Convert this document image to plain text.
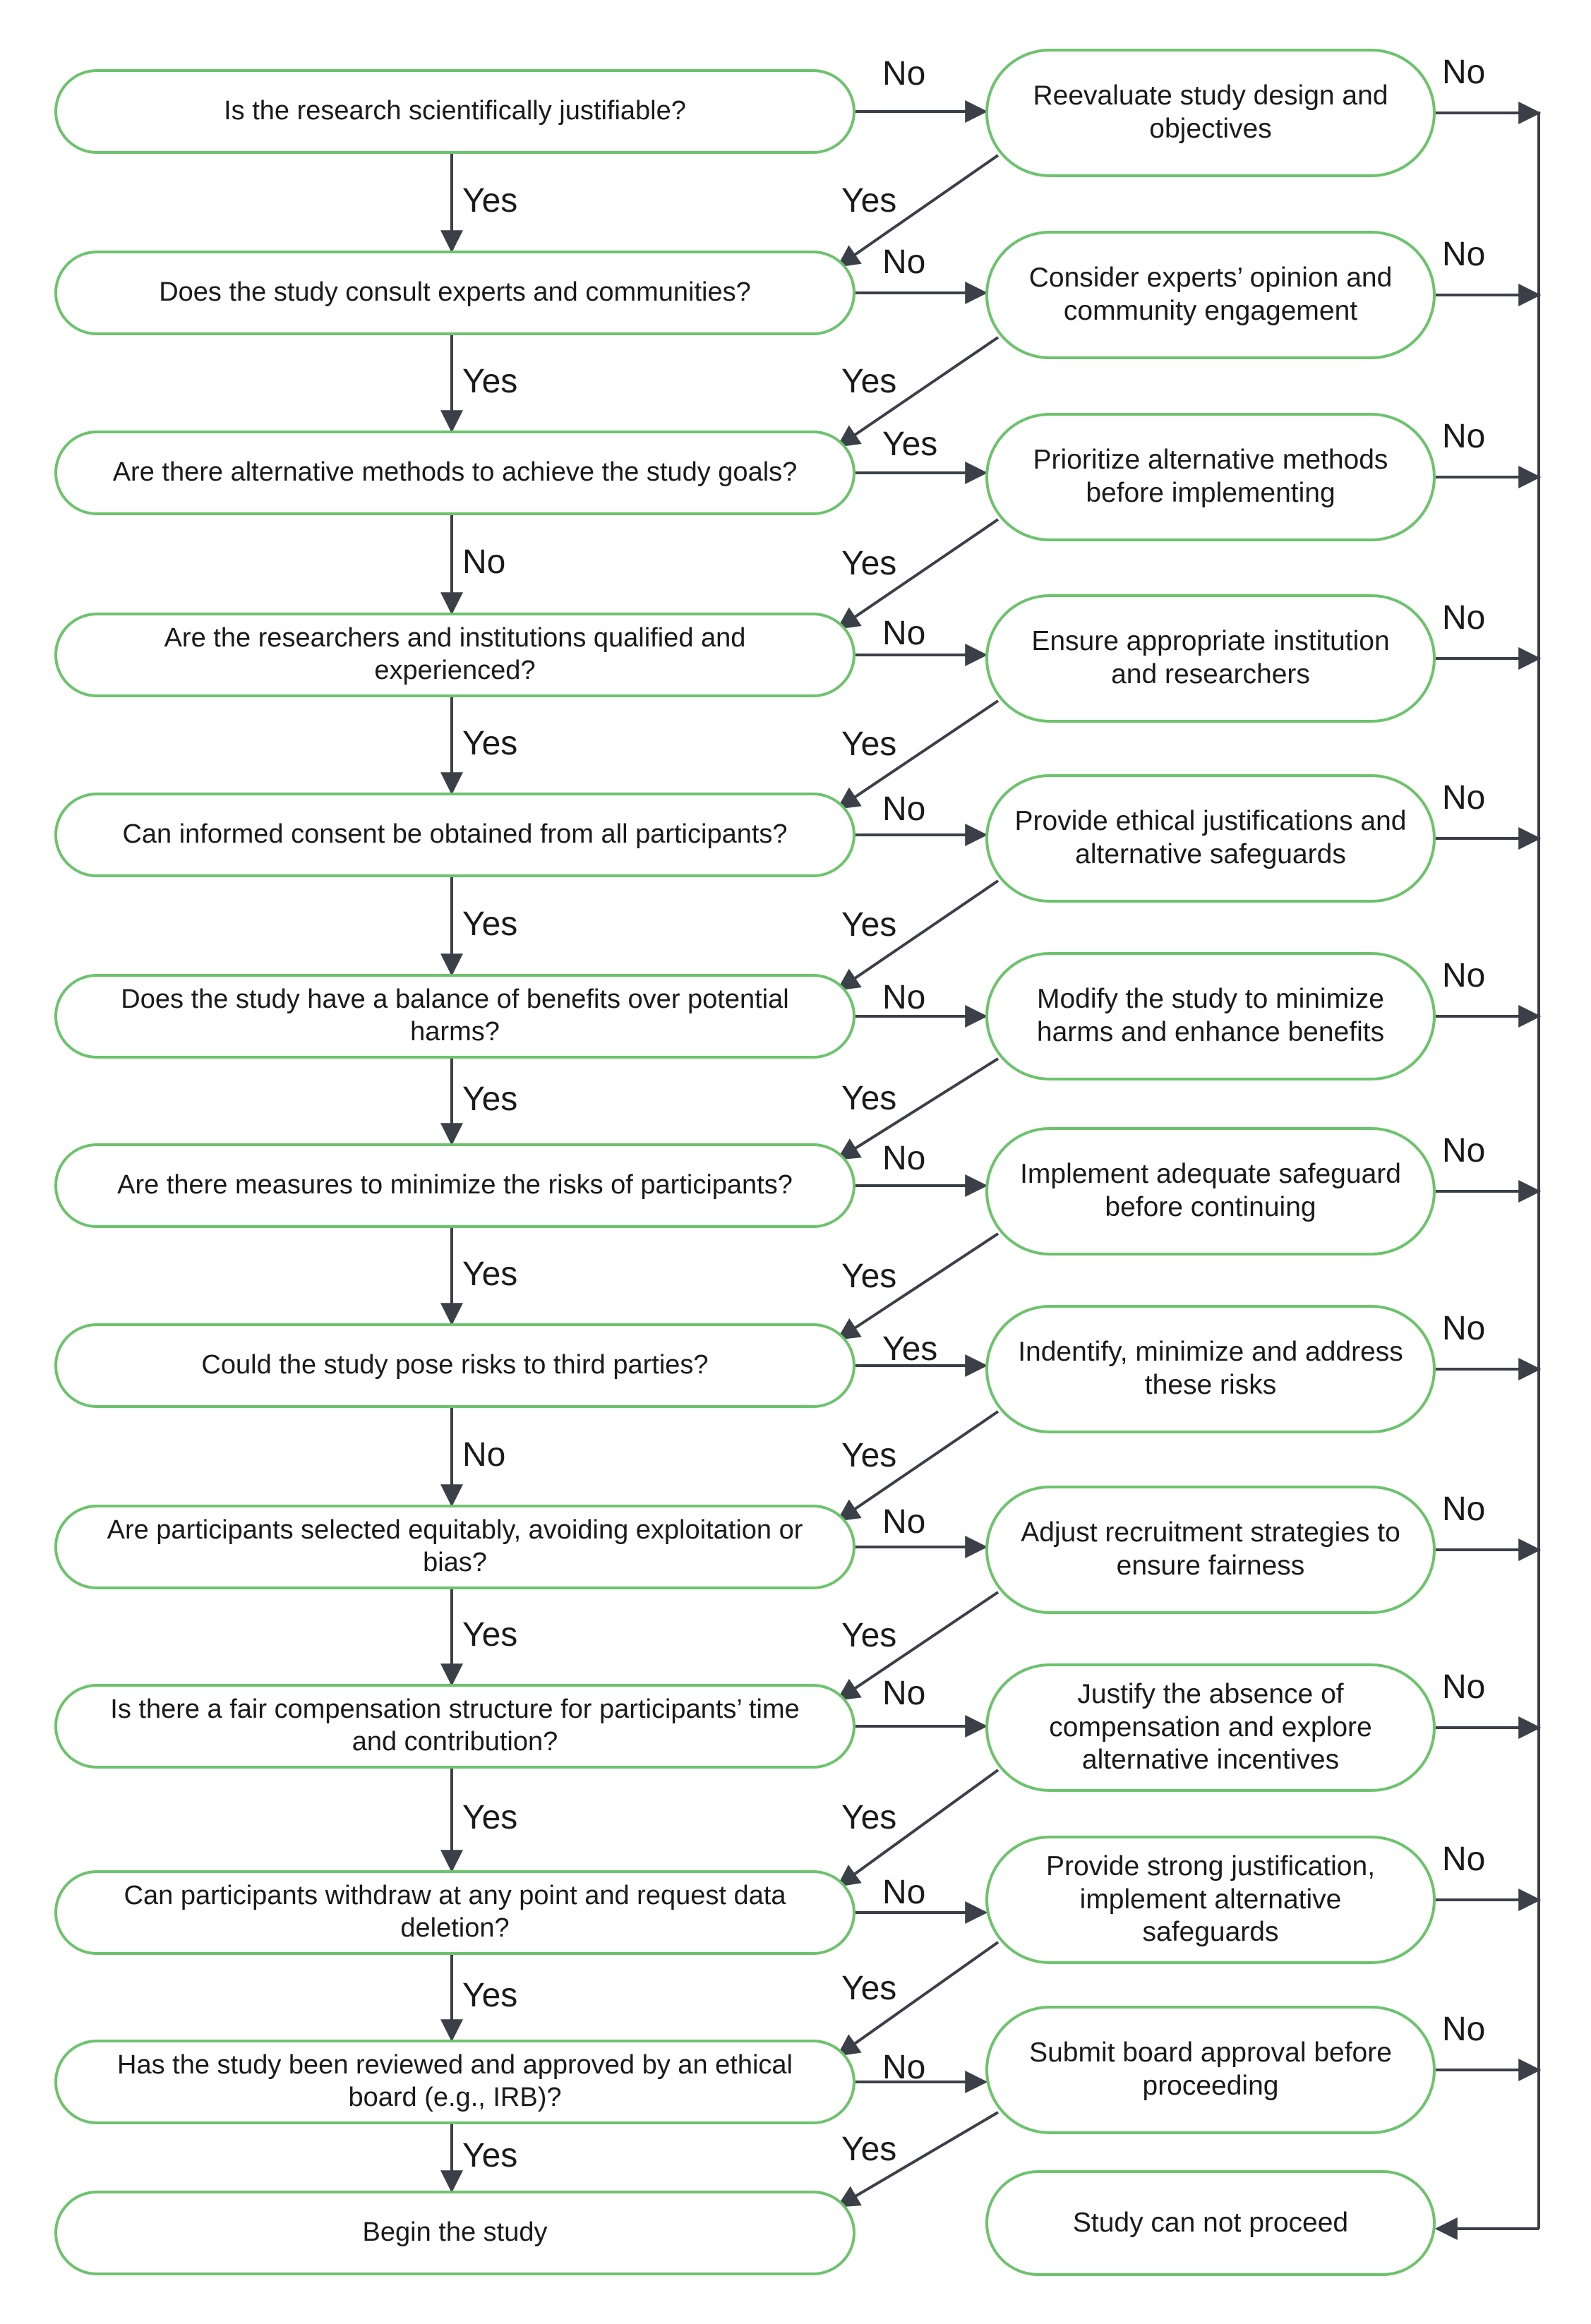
Is the research scientifically justifiable?
No
Yes
Reevaluate study design and objectives
No
Yes
Does the study consult experts and communities?
No
Yes
Consider experts’ opinion and community engagement
No
Yes
Are there alternative methods to achieve the study goals?
Yes
No
Prioritize alternative methods before implementing
No
Yes
Are the researchers and institutions qualified and experienced?
No
Yes
Ensure appropriate institution and researchers
No
Yes
Can informed consent be obtained from all participants?
No
Yes
Provide ethical justifications and alternative safeguards
No
Yes
Does the study have a balance of benefits over potential harms?
No
Yes
Modify the study to minimize harms and enhance benefits
No
Yes
Are there measures to minimize the risks of participants?
No
Yes
Implement adequate safeguard before continuing
No
Yes
Could the study pose risks to third parties?	Yes
No
Indentify, minimize and address these risks
No
Yes
Are participants selected equitably, avoiding exploitation or bias?
No
Yes
Adjust recruitment strategies to ensure fairness
No
Yes
Is there a fair compensation structure for participants’ time and contribution?
No
Yes
Justify the absence of compensation and explore alternative incentives
No
Yes
Can participants withdraw at any point and request data deletion?
No
Yes
Provide strong justification, implement alternative safeguards
No
Yes
Has the study been reviewed and approved by an ethical board (e.g., IRB)?
No
Yes
Submit board approval before proceeding
No
Yes
Begin the study	Study can not proceed
